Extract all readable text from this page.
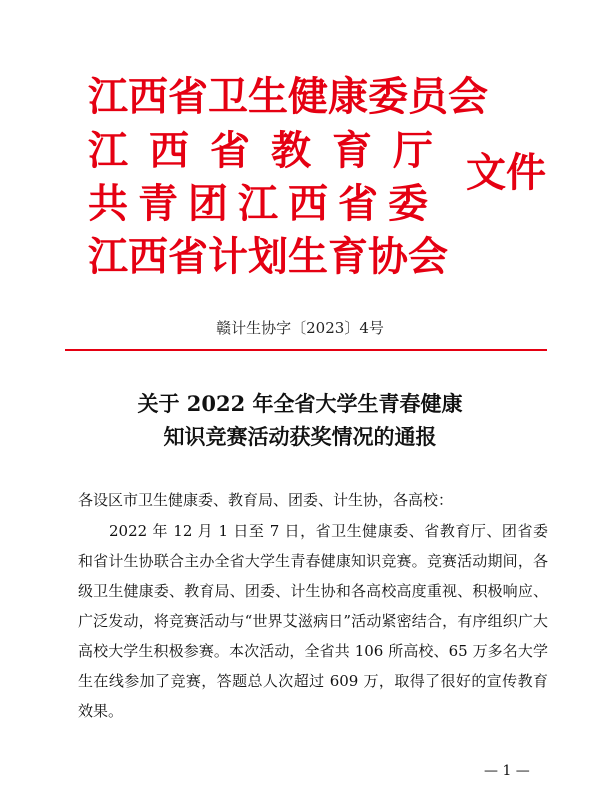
江西省卫生健康委员会
江西省教育厅
共青团江西省委
江西省计划生育协会
文件
赣计生协字〔2023〕4号
关于 2022 年全省大学生青春健康
知识竞赛活动获奖情况的通报
各设区市卫生健康委、教育局、团委、计生协，各高校：
2022 年 12 月 1 日至 7 日，省卫生健康委、省教育厅、团省委和省计生协联合主办全省大学生青春健康知识竞赛。竞赛活动期间，各级卫生健康委、教育局、团委、计生协和各高校高度重视、积极响应、广泛发动，将竞赛活动与“世界艾滋病日”活动紧密结合，有序组织广大高校大学生积极参赛。本次活动，全省共 106 所高校、65 万多名大学生在线参加了竞赛，答题总人次超过 609 万，取得了很好的宣传教育效果。
— 1 —
